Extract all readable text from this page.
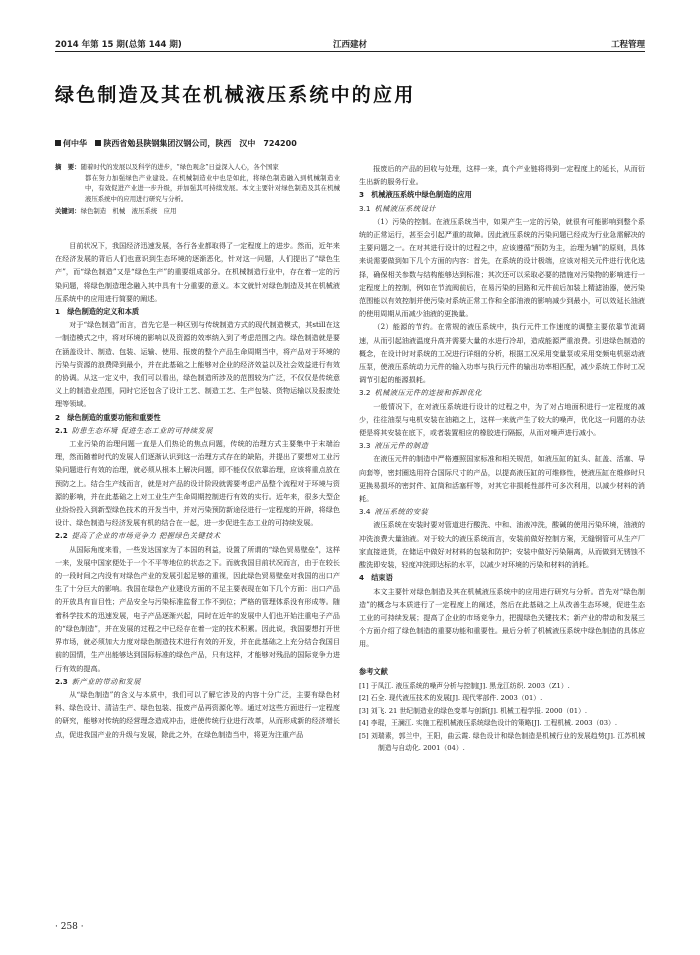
2014 年第 15 期(总第 144 期)	江西建材	工程管理
绿色制造及其在机械液压系统中的应用
何中华 陕西省勉县陕钢集团汉钢公司，陕西　汉中　724200
摘　要：随着时代的发展以及科学的进步，“绿色观念”日益深入人心，各个国家
都在努力加强绿色产业建设。在机械制造业中也是如此，将绿色制造融入到机械制造业中，有效促进产业进一步升级，并加强其可持续发展。本文主要针对绿色制造及其在机械液压系统中的应用进行研究与分析。
关键词：绿色制造　机械　液压系统　应用

目前状况下，我国经济迅速发展，各行各业都取得了一定程度上的进步。然而，近年来在经济发展的背后人们也意识到生态环境的逐渐恶化，针对这一问题，人们提出了“绿色生产”，而“绿色制造”又是“绿色生产”的重要组成部分。在机械制造行业中，存在着一定的污染问题，将绿色制造理念融入其中具有十分重要的意义。本文就针对绿色制造及其在机械液压系统中的应用进行简要的阐述。

1　绿色制造的定义和本质

对于“绿色制造”而言，首先它是一种区别与传统制造方式的现代制造模式，其still在这一制造模式之中，将对环境的影响以及资源的效率纳入到了考虑范围之内。绿色制造就是要在涵盖设计、制造、包装、运输、使用、报废的整个产品生命周期当中，将产品对于环境的污染与资源的浪费降到最小，并在此基础之上能够对企业的经济效益以及社会效益进行有效的协调。从这一定义中，我们可以看出，绿色制造所涉及的范围较为广泛，不仅仅是传统意义上的制造业范围，同时它还包含了设计工艺、制造工艺、生产包装、货物运输以及报废处理等领域。

2　绿色制造的重要功能和重要性

2.1 防患生态环境 促进生态工业的可持续发展

工业污染的治理问题一直是人们热论的焦点问题，传统的治理方式主要集中于末端治理，然而随着时代的发展人们逐渐认识到这一治理方式存在的缺陷，并提出了要想对工业污染问题进行有效的治理，就必须从根本上解决问题，即不能仅仅依靠治理，应该将重点放在预防之上。结合生产线而言，就是对产品的设计阶段就需要考虑产品整个流程对于环境与资源的影响，并在此基础之上对工业生产生命周期控制进行有效的实行。近年来，很多大型企业纷纷投入到新型绿色技术的开发当中，并对污染预防新途径进行一定程度的开辟，将绿色设计、绿色制造与经济发展有机的结合在一起，进一步促进生态工业的可持续发展。

2.2 提高了企业的市场竞争力 把握绿色关键技术

从国际角度来看，一些发达国家为了本国的利益，设置了所谓的“绿色贸易壁垒”，这样一来，发展中国家便处于一个不平等地位的状态之下。而就我国目前状况而言，由于在较长的一段时间之内没有对绿色产业的发展引起足够的重视，因此绿色贸易壁垒对我国的出口产生了十分巨大的影响。我国在绿色产业建设方面的不足主要表现在如下几个方面：出口产品的开放具有盲目性；产品安全与污染标准监督工作不到位；严格的管理体系没有形成等。随着科学技术的迅速发展，电子产品逐渐兴起，同时在近年的发展中人们也开始注重电子产品的“绿色制造”，并在发展的过程之中已经存在着一定的技术积累。因此说，我国要想打开世界市场，就必须加大力度对绿色制造技术进行有效的开发，并在此基础之上充分结合我国目前的国情，生产出能够达到国际标准的绿色产品，只有这样，才能够对残品的国际竞争力进行有效的提高。

2.3 新产业的带动和发展

从“绿色制造”的含义与本质中，我们可以了解它涉及的内容十分广泛，主要有绿色材料、绿色设计、清洁生产、绿色包装、报废产品再资源化等。通过对这些方面进行一定程度的研究，能够对传统的经营理念造成冲击，进使传统行业进行改革，从而形成新的经济增长点，促进我国产业的升级与发展，除此之外，在绿色制造当中，将更为注重产品

报废后的产品的回收与处理，这样一来，真个产业链将得到一定程度上的延长，从而衍生出新的服务行业。

3　机械液压系统中绿色制造的应用

3.1 机械液压系统设计

（1）污染的控制。在液压系统当中，如果产生一定的污染，就很有可能影响到整个系统的正常运行，甚至会引起严重的故障。因此液压系统的污染问题已经成为行业急需解决的主要问题之一。在对其进行设计的过程之中，应该遵循“预防为主，治理为辅”的原则，具体来说需要做到如下几个方面的内容：首先，在系统的设计极端，应该对相关元件进行优化选择，确保相关参数与结构能够达到标准；其次还可以采取必要的措施对污染物的影响进行一定程度上的控制，例如在节流阀前后，在易污染的回路和元件前后加装上精滤油器，使污染范围能以有效控制并使污染对系统正常工作和全部油液的影响减少到最小，可以效延长油液的使用周期从而减少油液的更换量。

（2）能源的节约。在常规的液压系统中，执行元件工作速度的调整主要依靠节流调速，从而引起油液温度升高并需要大量的水进行冷却，造成能源严重浪费。引进绿色制造的概念，在设计时对系统的工况进行详细的分析，根据工况采用变量泵或采用变频电机驱动液压泵，使液压系统动力元件的输入功率与执行元件的输出功率相匹配，减少系统工作时工况调节引起的能源损耗。

3.2 机械液压元件的连接和拆卸优化

一般情况下，在对液压系统进行设计的过程之中，为了对占地面积进行一定程度的减少，往往油泵与电机安装在油箱之上，这样一来就产生了较大的噪声，优化这一问题的办法便是将其安装在底下，或者装置相应的橡胶进行隔振，从而对噪声进行减小。

3.3 液压元件的制造

在液压元件的制造中严格遵照国家标准和相关规范，如液压缸的缸头、缸盖、活塞、导向套等，密封圈选用符合国际尺寸的产品，以提高液压缸的可维修性，使液压缸在维修时只更换易损坏的密封件、缸筒和活塞杆等，对其它非损耗性部件可多次利用，以减少材料的消耗。

3.4 液压系统的安装

液压系统在安装时要对管道进行酸洗、中和、油液冲洗，酸碱的使用污染环境，油液的冲洗浪费大量油液。对于较大的液压系统而言，安装前做好控制方案，无缝钢管可从生产厂家直接进货，在储运中做好对材料的包装和防护；安装中做好污染隔离，从而做到无锈蚀不酸洗即安装，轻度冲洗即达标的水平，以减少对环境的污染和材料的消耗。

4　结束语

本文主要针对绿色制造及其在机械液压系统中的应用进行研究与分析。首先对“绿色制造”的概念与本质进行了一定程度上的阐述，然后在此基础之上从改善生态环境，促进生态工业的可持续发展；提高了企业的市场竞争力，把握绿色关键技术；新产业的带动和发展三个方面介绍了绿色制造的重要功能和重要性。最后分析了机械液压系统中绿色制造的具体应用。

参考文献

[1] 于凤江. 液压系统的噪声分析与控制[J]. 黑龙江纺织. 2003（Z1）.

[2] 石全. 现代液压技术的发展[J]. 现代零部件. 2003（01）.

[3] 刘飞. 21 世纪制造业的绿色变革与创新[J]. 机械工程学报. 2000（01）.

[4] 李琨，王澜江. 实施工程机械液压系统绿色设计的策略[J]. 工程机械. 2003（03）.

[5] 刘瑞素，郭兰中，王阳，曲云霞. 绿色设计和绿色制造是机械行业的发展趋势[J]. 江苏机械制造与自动化. 2001（04）.

· 258 ·
